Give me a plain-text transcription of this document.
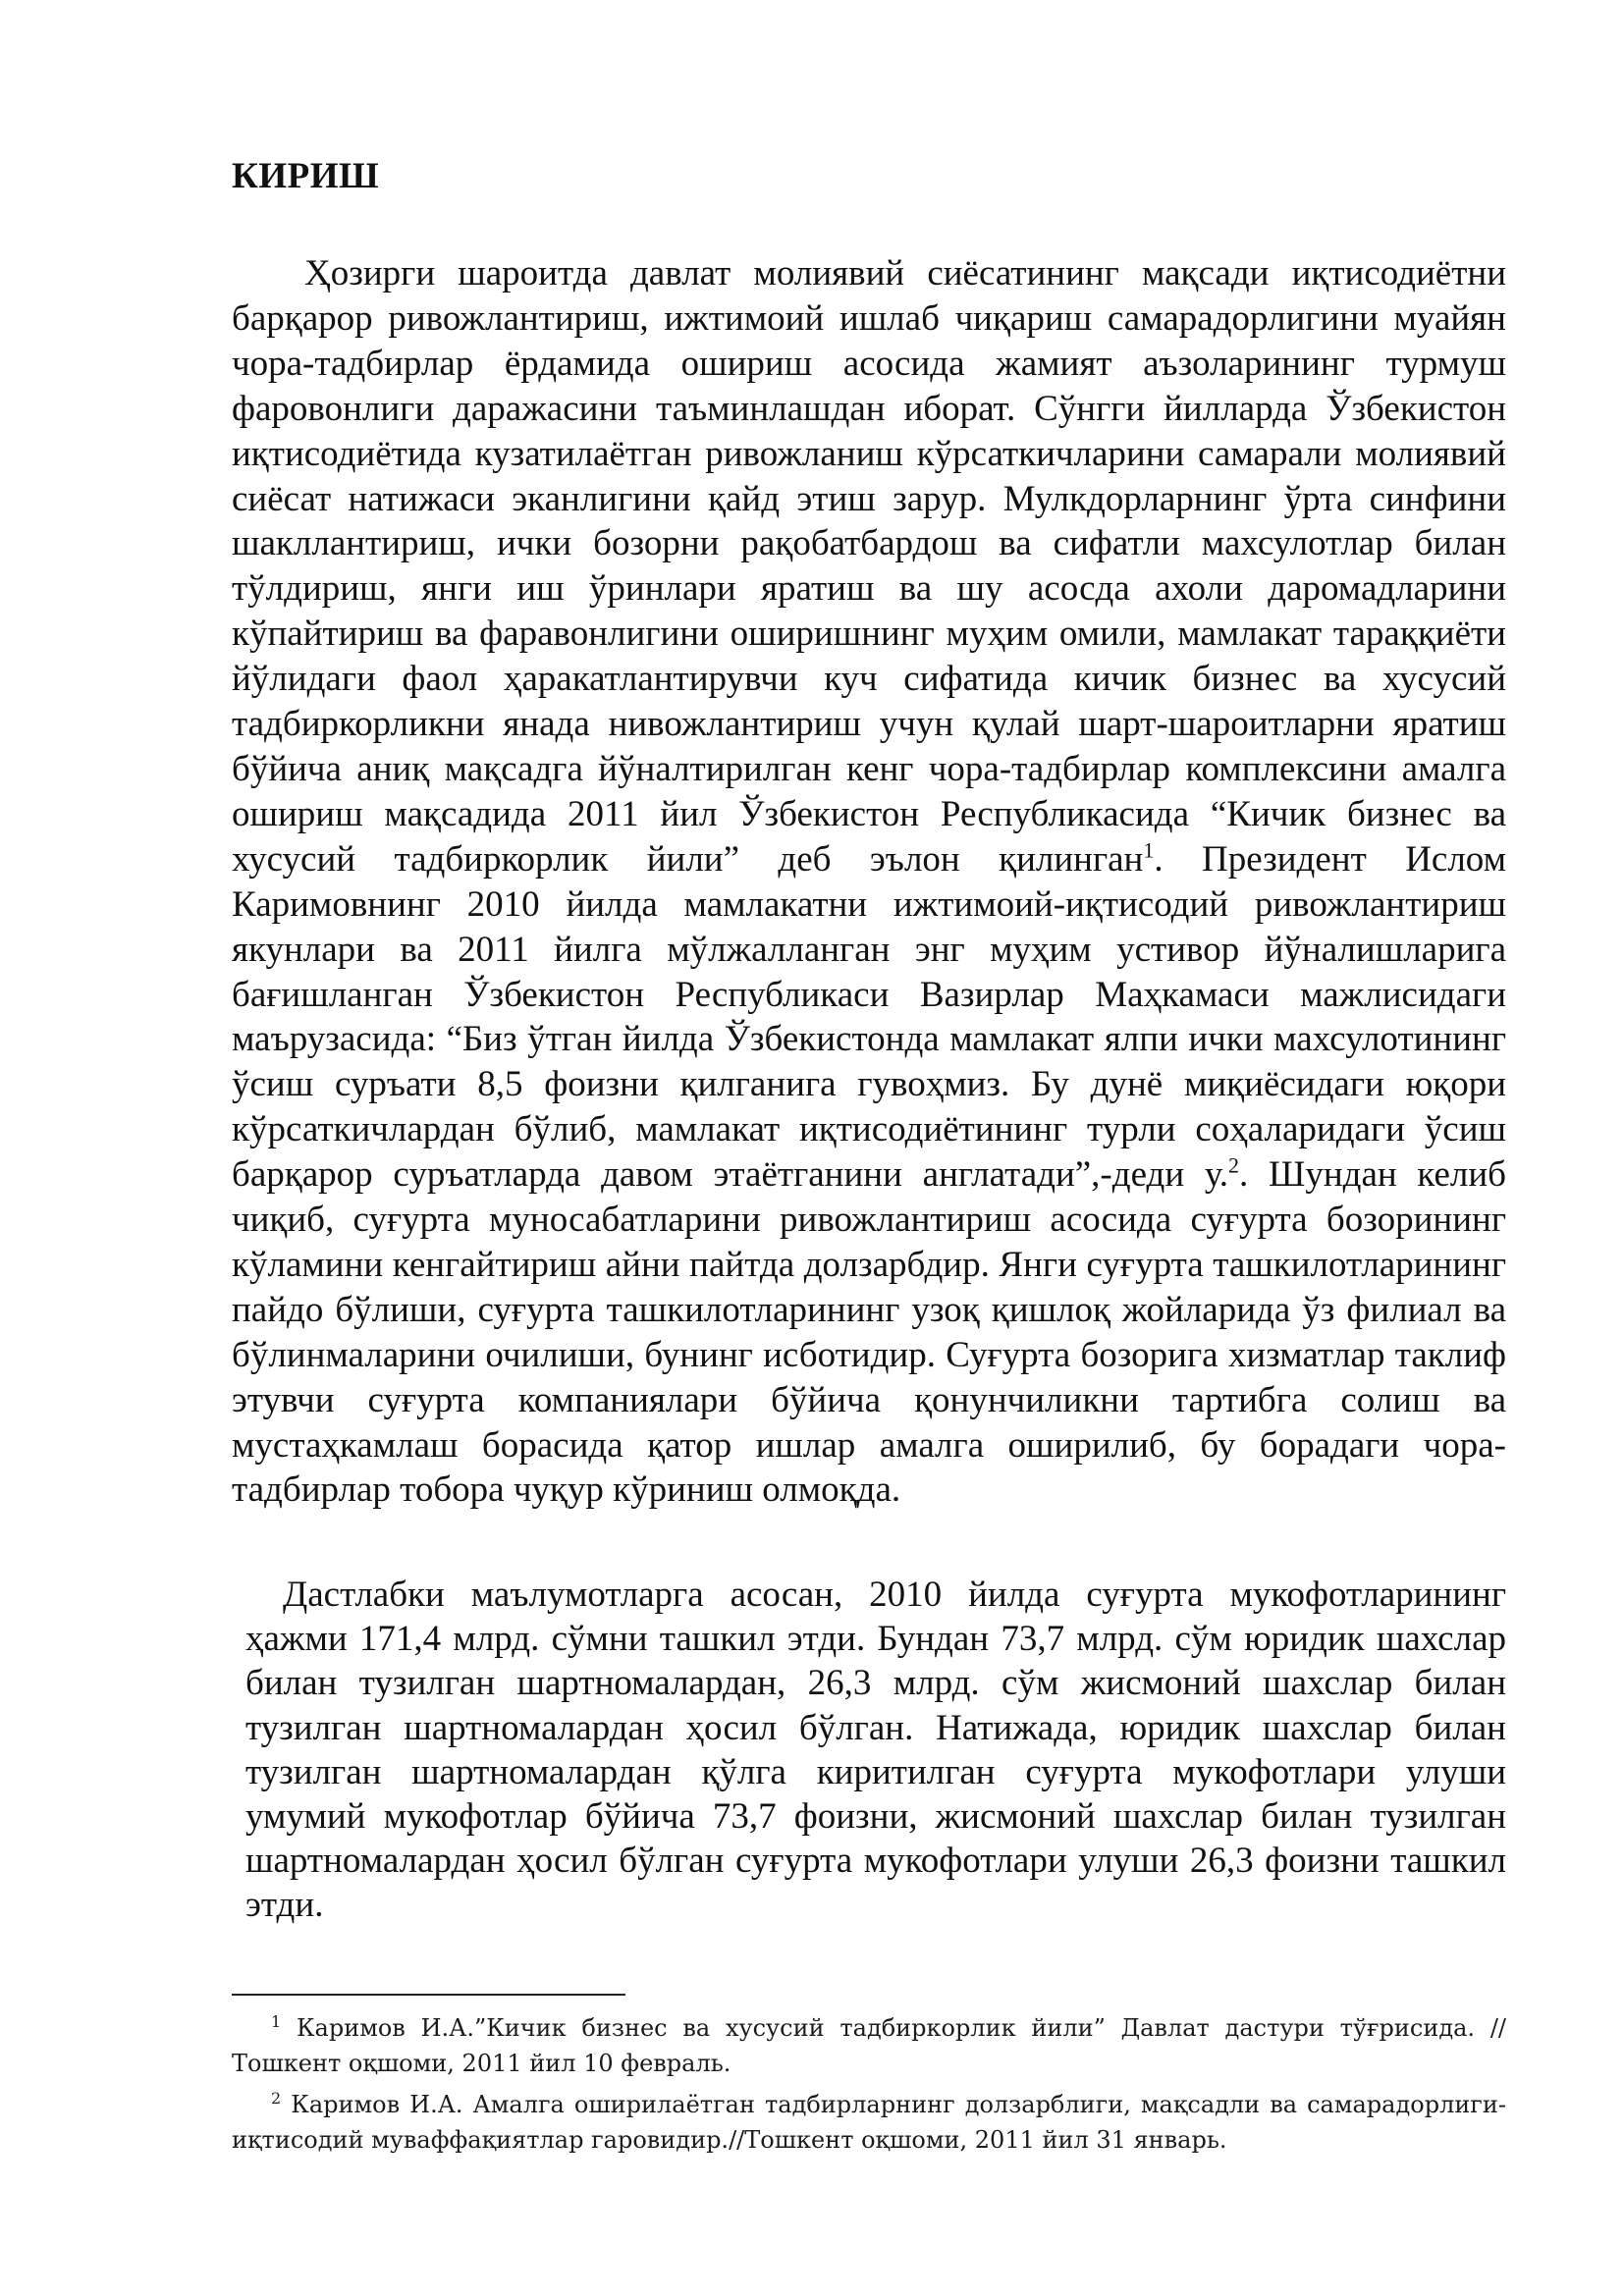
КИРИШ

Ҳозирги шароитда давлат молиявий сиёсатининг мақсади иқтисодиётни барқарор ривожлантириш, ижтимоий ишлаб чиқариш самарадорлигини муайян чора-тадбирлар ёрдамида ошириш асосида жамият аъзоларининг турмуш фаровонлиги даражасини таъминлашдан иборат. Сўнгги йилларда Ўзбекистон иқтисодиётида кузатилаётган ривожланиш кўрсаткичларини самарали молиявий сиёсат натижаси эканлигини қайд этиш зарур. Мулкдорларнинг ўрта синфини шакллантириш, ички бозорни рақобатбардош ва сифатли махсулотлар билан тўлдириш, янги иш ўринлари яратиш ва шу асосда ахоли даромадларини кўпайтириш ва фаравонлигини оширишнинг муҳим омили, мамлакат тараққиёти йўлидаги фаол ҳаракатлантирувчи куч сифатида кичик бизнес ва хусусий тадбиркорликни янада нивожлантириш учун қулай шарт-шароитларни яратиш бўйича аниқ мақсадга йўналтирилган кенг чора-тадбирлар комплексини амалга ошириш мақсадида 2011 йил Ўзбекистон Республикасида “Кичик бизнес ва хусусий тадбиркорлик йили” деб эълон қилинган$^1$. Президент Ислом Каримовнинг 2010 йилда мамлакатни ижтимоий-иқтисодий ривожлантириш якунлари ва 2011 йилга мўлжалланган энг муҳим устивор йўналишларига бағишланган Ўзбекистон Республикаси Вазирлар Маҳкамаси мажлисидаги маърузасида: “Биз ўтган йилда Ўзбекистонда мамлакат ялпи ички махсулотининг ўсиш суръати 8,5 фоизни қилганига гувоҳмиз. Бу дунё миқиёсидаги юқори кўрсаткичлардан бўлиб, мамлакат иқтисодиётининг турли соҳаларидаги ўсиш барқарор суръатларда давом этаётганини англатади”,-деди у.$^2$. Шундан келиб чиқиб, суғурта муносабатларини ривожлантириш асосида суғурта бозорининг кўламини кенгайтириш айни пайтда долзарбдир. Янги суғурта ташкилотларининг пайдо бўлиши, суғурта ташкилотларининг узоқ қишлоқ жойларида ўз филиал ва бўлинмаларини очилиши, бунинг исботидир. Суғурта бозорига хизматлар таклиф этувчи суғурта компаниялари бўйича қонунчиликни тартибга солиш ва мустаҳкамлаш борасида қатор ишлар амалга оширилиб, бу борадаги чора-тадбирлар тобора чуқур кўриниш олмоқда.

Дастлабки маълумотларга асосан, 2010 йилда суғурта мукофотларининг ҳажми 171,4 млрд. сўмни ташкил этди. Бундан 73,7 млрд. сўм юридик шахслар билан тузилган шартномалардан, 26,3 млрд. сўм жисмоний шахслар билан тузилган шартномалардан ҳосил бўлган. Натижада, юридик шахслар билан тузилган шартномалардан қўлга киритилган суғурта мукофотлари улуши умумий мукофотлар бўйича 73,7 фоизни, жисмоний шахслар билан тузилган шартномалардан ҳосил бўлган суғурта мукофотлари улуши 26,3 фоизни ташкил этди.

$^1$ Каримов И.А.”Кичик бизнес ва хусусий тадбиркорлик йили” Давлат дастури тўғрисида. //Тошкент оқшоми, 2011 йил 10 февраль.

$^2$ Каримов И.А. Амалга оширилаётган тадбирларнинг долзарблиги, мақсадли ва самарадорлиги-иқтисодий муваффақиятлар гаровидир.//Тошкент оқшоми, 2011 йил 31 январь.
